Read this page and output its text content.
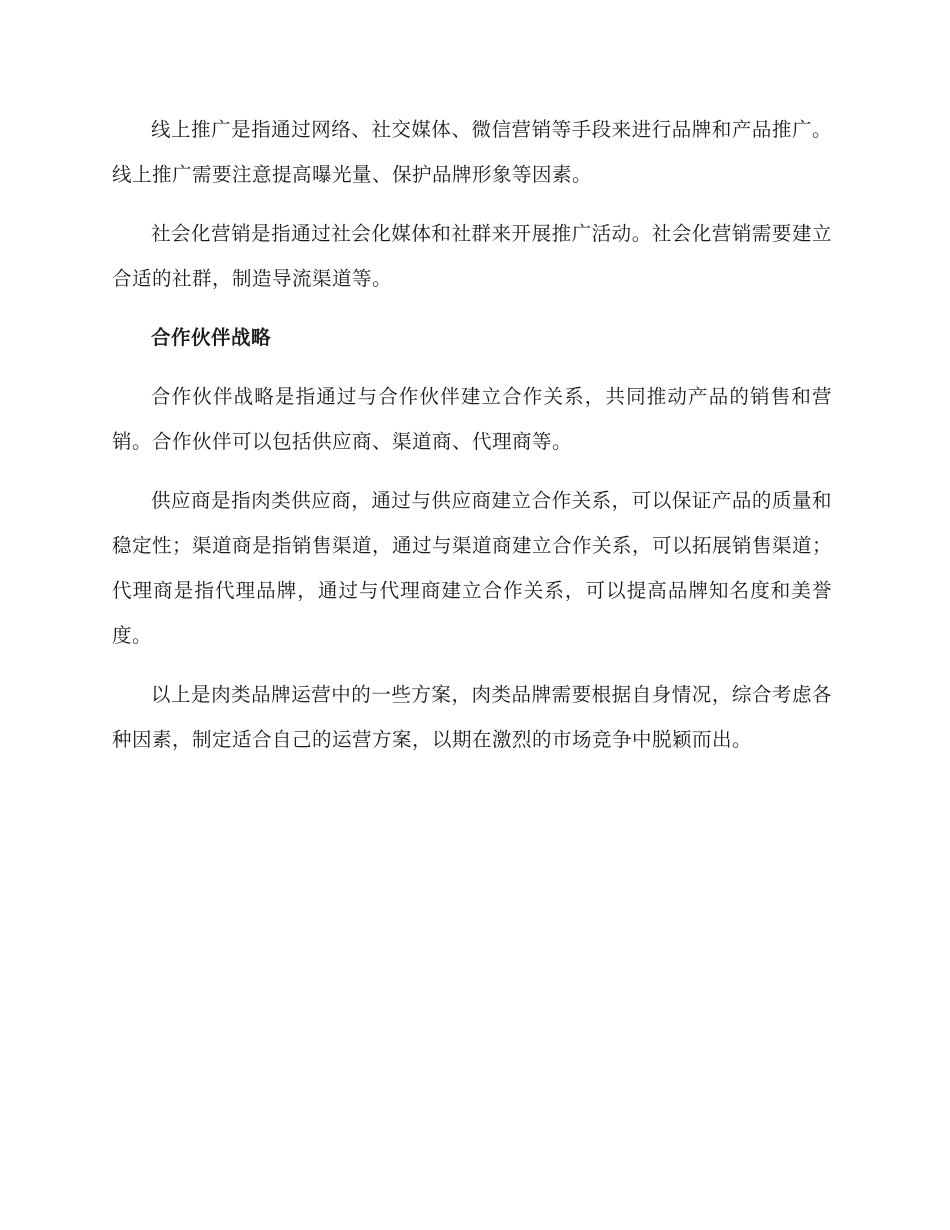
线上推广是指通过网络、社交媒体、微信营销等手段来进行品牌和产品推广。线上推广需要注意提高曝光量、保护品牌形象等因素。

社会化营销是指通过社会化媒体和社群来开展推广活动。社会化营销需要建立合适的社群，制造导流渠道等。

合作伙伴战略

合作伙伴战略是指通过与合作伙伴建立合作关系，共同推动产品的销售和营销。合作伙伴可以包括供应商、渠道商、代理商等。

供应商是指肉类供应商，通过与供应商建立合作关系，可以保证产品的质量和稳定性；渠道商是指销售渠道，通过与渠道商建立合作关系，可以拓展销售渠道；代理商是指代理品牌，通过与代理商建立合作关系，可以提高品牌知名度和美誉度。

以上是肉类品牌运营中的一些方案，肉类品牌需要根据自身情况，综合考虑各种因素，制定适合自己的运营方案，以期在激烈的市场竞争中脱颖而出。
